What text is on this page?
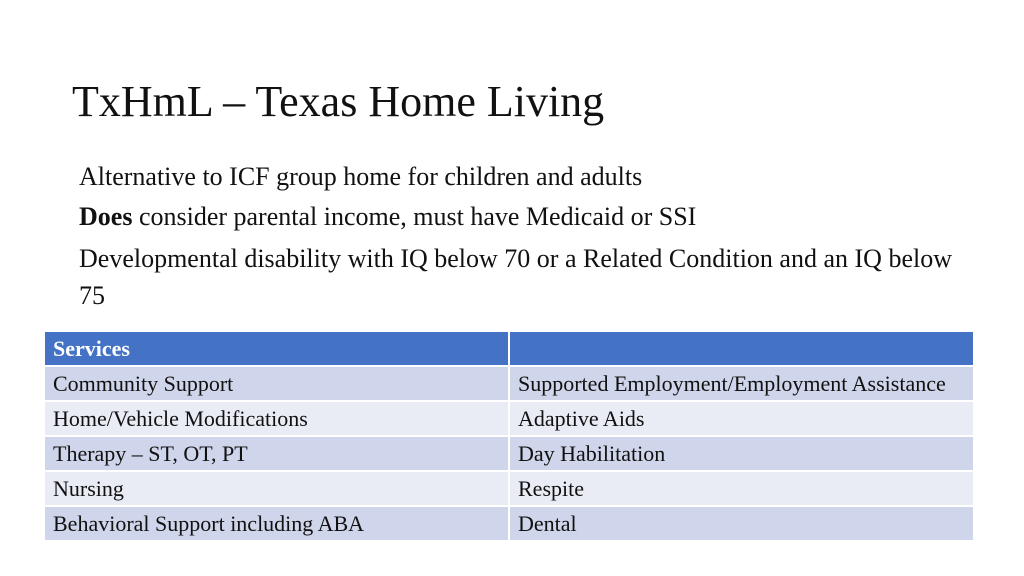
TxHmL – Texas Home Living

Alternative to ICF group home for children and adults

Does consider parental income, must have Medicaid or SSI

Developmental disability with IQ below 70 or a Related Condition and an IQ below 75

Services	
Community Support	Supported Employment/Employment Assistance
Home/Vehicle Modifications	Adaptive Aids
Therapy – ST, OT, PT	Day Habilitation
Nursing	Respite
Behavioral Support including ABA	Dental
